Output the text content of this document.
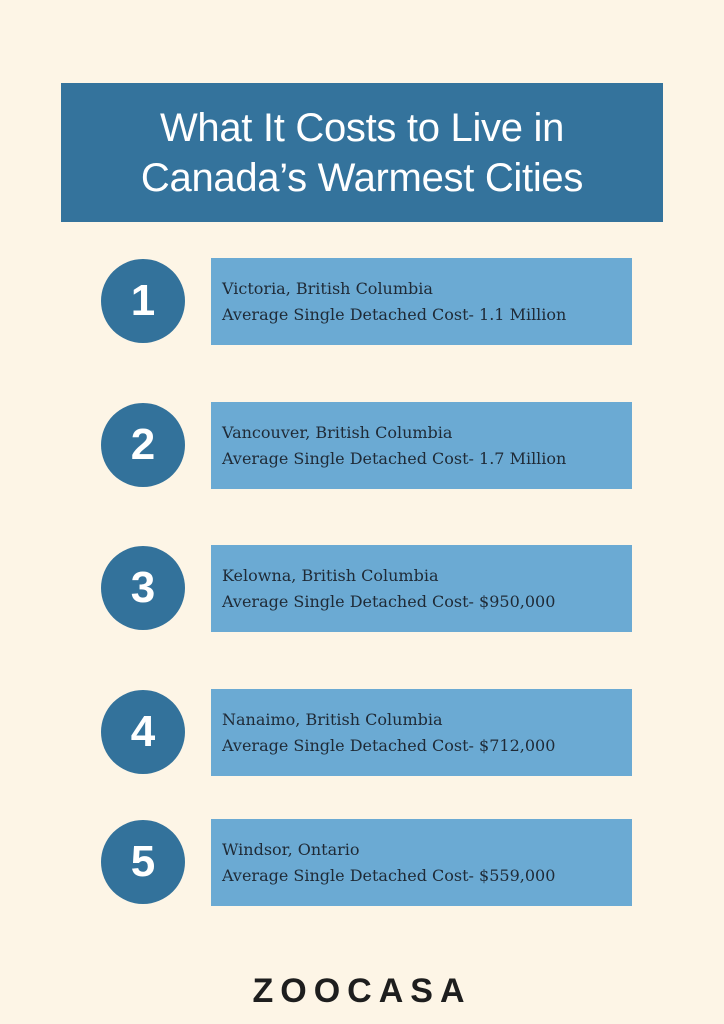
What It Costs to Live in
Canada’s Warmest Cities
1	Victoria, British Columbia
Average Single Detached Cost- 1.1 Million
2	Vancouver, British Columbia
Average Single Detached Cost- 1.7 Million
3	Kelowna, British Columbia
Average Single Detached Cost- $950,000
4	Nanaimo, British Columbia
Average Single Detached Cost- $712,000
5	Windsor, Ontario
Average Single Detached Cost- $559,000
ZOOCASA
